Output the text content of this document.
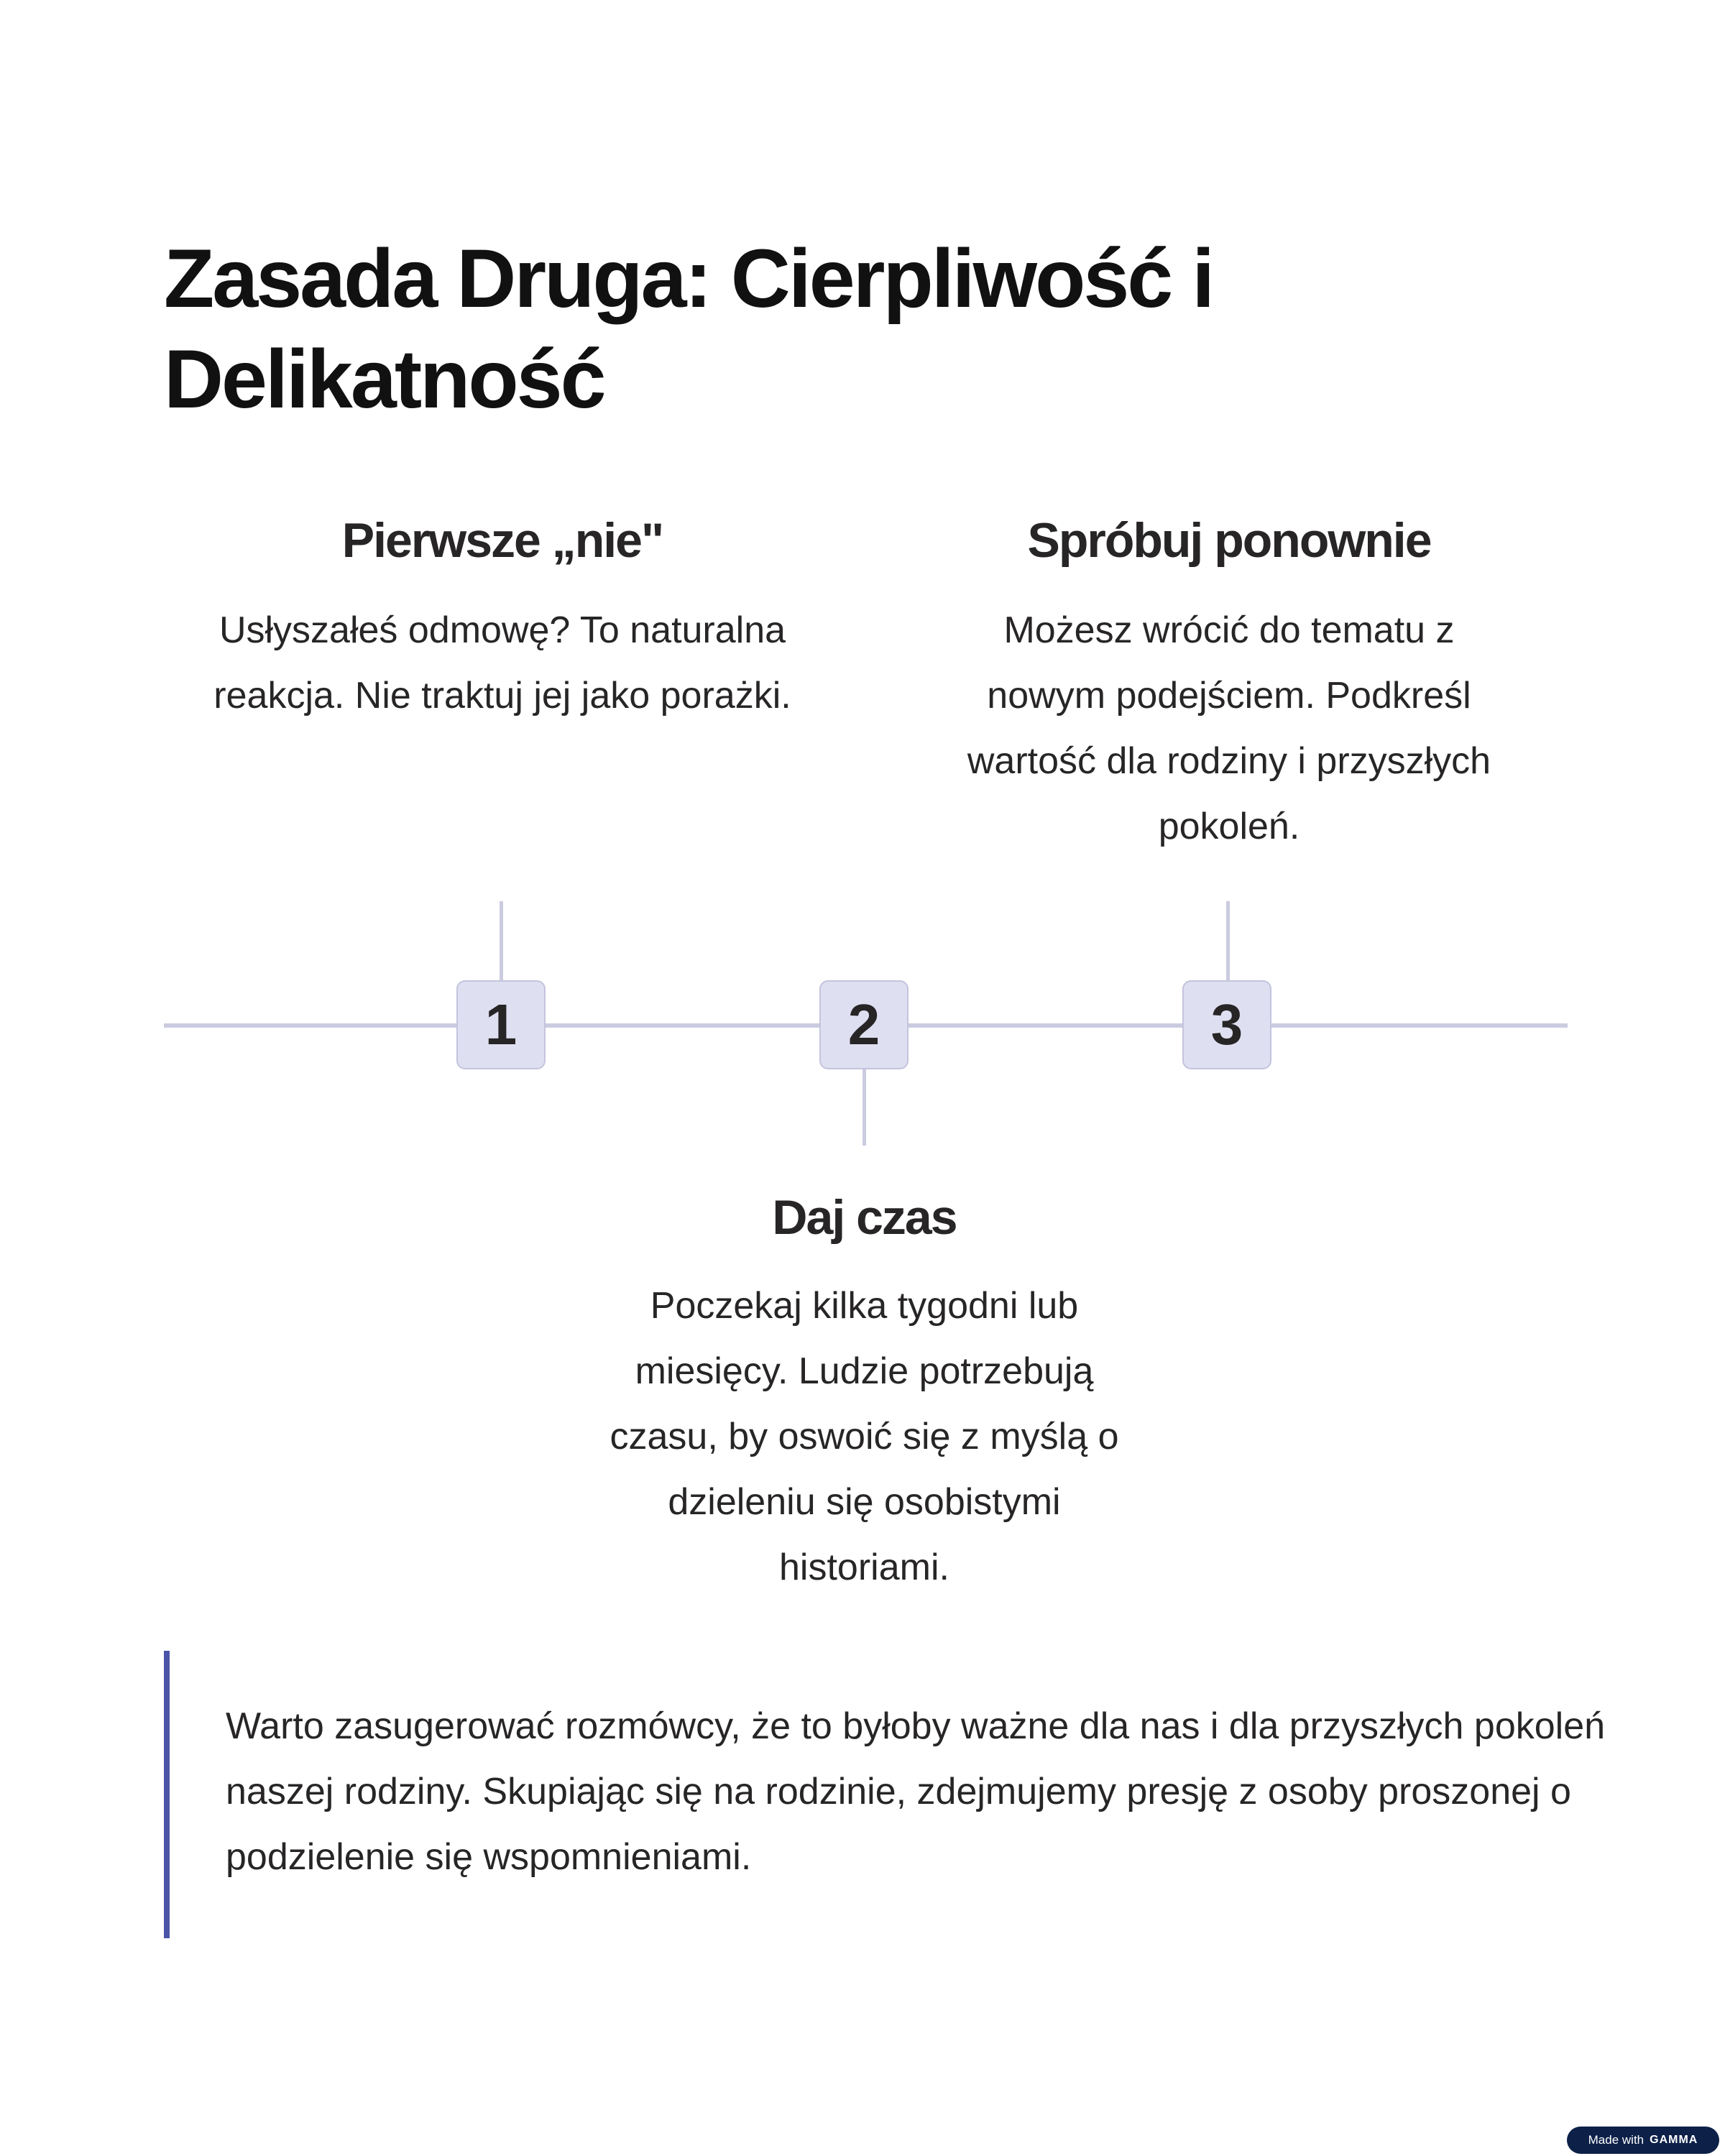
Zasada Druga: Cierpliwość i Delikatność
Pierwsze „nie"

Usłyszałeś odmowę? To naturalna reakcja. Nie traktuj jej jako porażki.

Spróbuj ponownie

Możesz wrócić do tematu z nowym podejściem. Podkreśl wartość dla rodziny i przyszłych pokoleń.

1	2	3
Daj czas

Poczekaj kilka tygodni lub miesięcy. Ludzie potrzebują czasu, by oswoić się z myślą o dzieleniu się osobistymi historiami.

Warto zasugerować rozmówcy, że to byłoby ważne dla nas i dla przyszłych pokoleń naszej rodziny. Skupiając się na rodzinie, zdejmujemy presję z osoby proszonej o podzielenie się wspomnieniami.

Made with GAMMA
